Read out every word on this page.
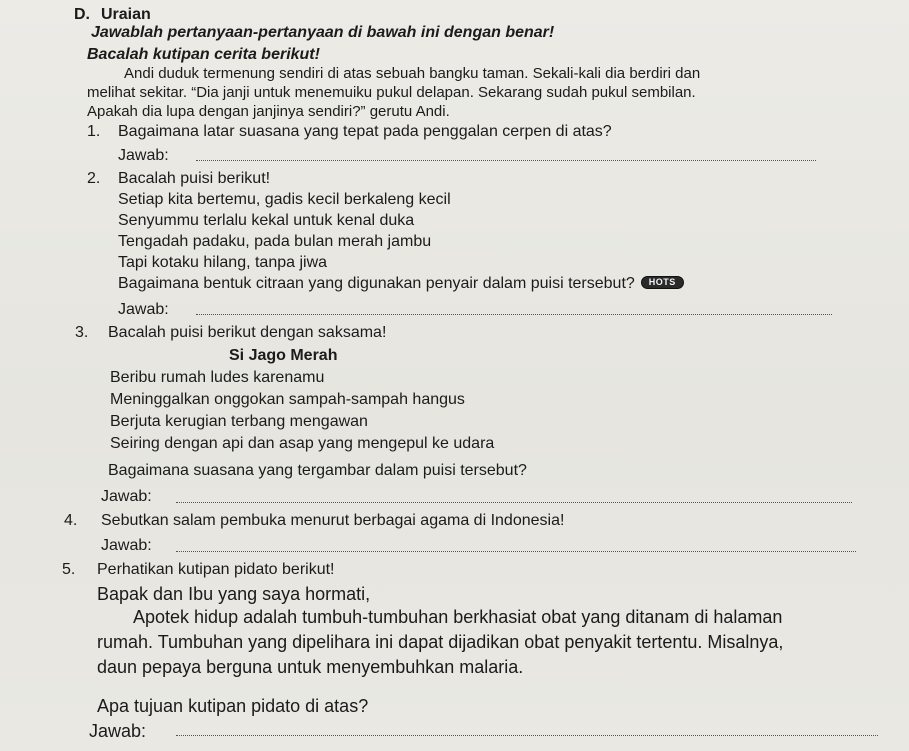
D. Uraian
Jawablah pertanyaan-pertanyaan di bawah ini dengan benar!
Bacalah kutipan cerita berikut!
Andi duduk termenung sendiri di atas sebuah bangku taman. Sekali-kali dia berdiri dan
melihat sekitar. “Dia janji untuk menemuiku pukul delapan. Sekarang sudah pukul sembilan.
Apakah dia lupa dengan janjinya sendiri?” gerutu Andi.
1. Bagaimana latar suasana yang tepat pada penggalan cerpen di atas?
Jawab:
2. Bacalah puisi berikut!
Setiap kita bertemu, gadis kecil berkaleng kecil
Senyummu terlalu kekal untuk kenal duka
Tengadah padaku, pada bulan merah jambu
Tapi kotaku hilang, tanpa jiwa
Bagaimana bentuk citraan yang digunakan penyair dalam puisi tersebut? HOTS
Jawab:
3. Bacalah puisi berikut dengan saksama!
Si Jago Merah
Beribu rumah ludes karenamu
Meninggalkan onggokan sampah-sampah hangus
Berjuta kerugian terbang mengawan
Seiring dengan api dan asap yang mengepul ke udara
Bagaimana suasana yang tergambar dalam puisi tersebut?
Jawab:
4. Sebutkan salam pembuka menurut berbagai agama di Indonesia!
Jawab:
5. Perhatikan kutipan pidato berikut!
Bapak dan Ibu yang saya hormati,
Apotek hidup adalah tumbuh-tumbuhan berkhasiat obat yang ditanam di halaman
rumah. Tumbuhan yang dipelihara ini dapat dijadikan obat penyakit tertentu. Misalnya,
daun pepaya berguna untuk menyembuhkan malaria.
Apa tujuan kutipan pidato di atas?
Jawab:
